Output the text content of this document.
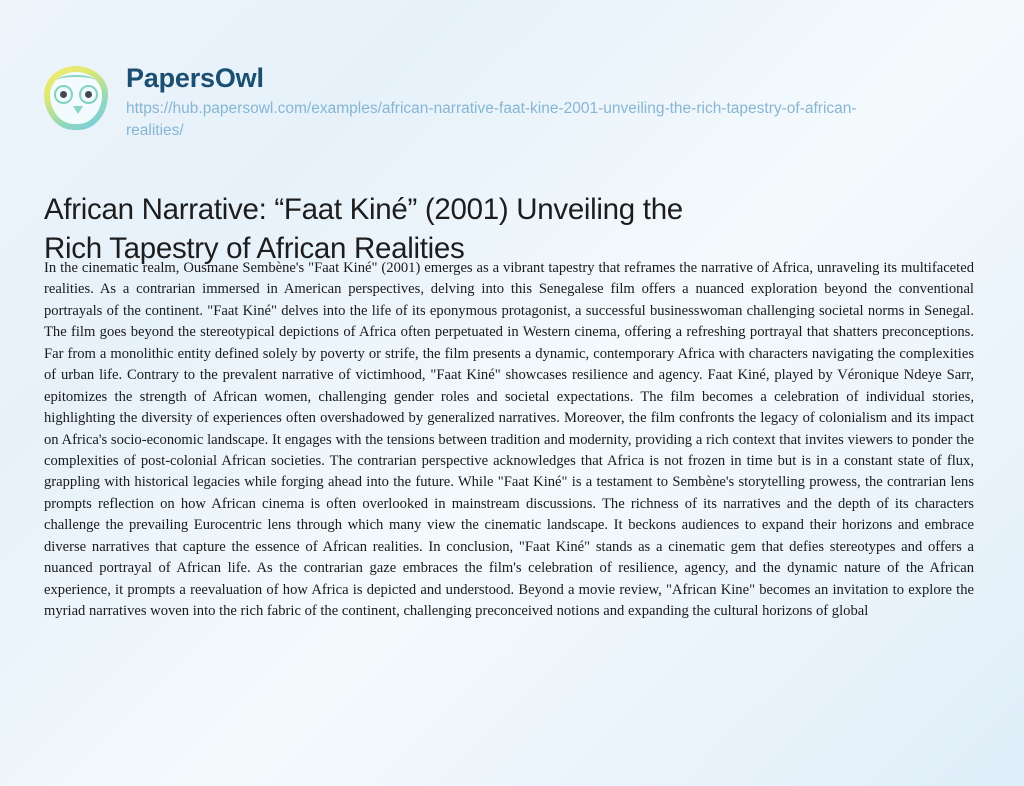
PapersOwl
https://hub.papersowl.com/examples/african-narrative-faat-kine-2001-unveiling-the-rich-tapestry-of-african-realities/
African Narrative: “Faat Kiné” (2001) Unveiling the Rich Tapestry of African Realities
In the cinematic realm, Ousmane Sembène's "Faat Kiné" (2001) emerges as a vibrant tapestry that reframes the narrative of Africa, unraveling its multifaceted realities. As a contrarian immersed in American perspectives, delving into this Senegalese film offers a nuanced exploration beyond the conventional portrayals of the continent. "Faat Kiné" delves into the life of its eponymous protagonist, a successful businesswoman challenging societal norms in Senegal. The film goes beyond the stereotypical depictions of Africa often perpetuated in Western cinema, offering a refreshing portrayal that shatters preconceptions. Far from a monolithic entity defined solely by poverty or strife, the film presents a dynamic, contemporary Africa with characters navigating the complexities of urban life. Contrary to the prevalent narrative of victimhood, "Faat Kiné" showcases resilience and agency. Faat Kiné, played by Véronique Ndeye Sarr, epitomizes the strength of African women, challenging gender roles and societal expectations. The film becomes a celebration of individual stories, highlighting the diversity of experiences often overshadowed by generalized narratives. Moreover, the film confronts the legacy of colonialism and its impact on Africa's socio-economic landscape. It engages with the tensions between tradition and modernity, providing a rich context that invites viewers to ponder the complexities of post-colonial African societies. The contrarian perspective acknowledges that Africa is not frozen in time but is in a constant state of flux, grappling with historical legacies while forging ahead into the future. While "Faat Kiné" is a testament to Sembène's storytelling prowess, the contrarian lens prompts reflection on how African cinema is often overlooked in mainstream discussions. The richness of its narratives and the depth of its characters challenge the prevailing Eurocentric lens through which many view the cinematic landscape. It beckons audiences to expand their horizons and embrace diverse narratives that capture the essence of African realities. In conclusion, "Faat Kiné" stands as a cinematic gem that defies stereotypes and offers a nuanced portrayal of African life. As the contrarian gaze embraces the film's celebration of resilience, agency, and the dynamic nature of the African experience, it prompts a reevaluation of how Africa is depicted and understood. Beyond a movie review, "African Kine" becomes an invitation to explore the myriad narratives woven into the rich fabric of the continent, challenging preconceived notions and expanding the cultural horizons of global
